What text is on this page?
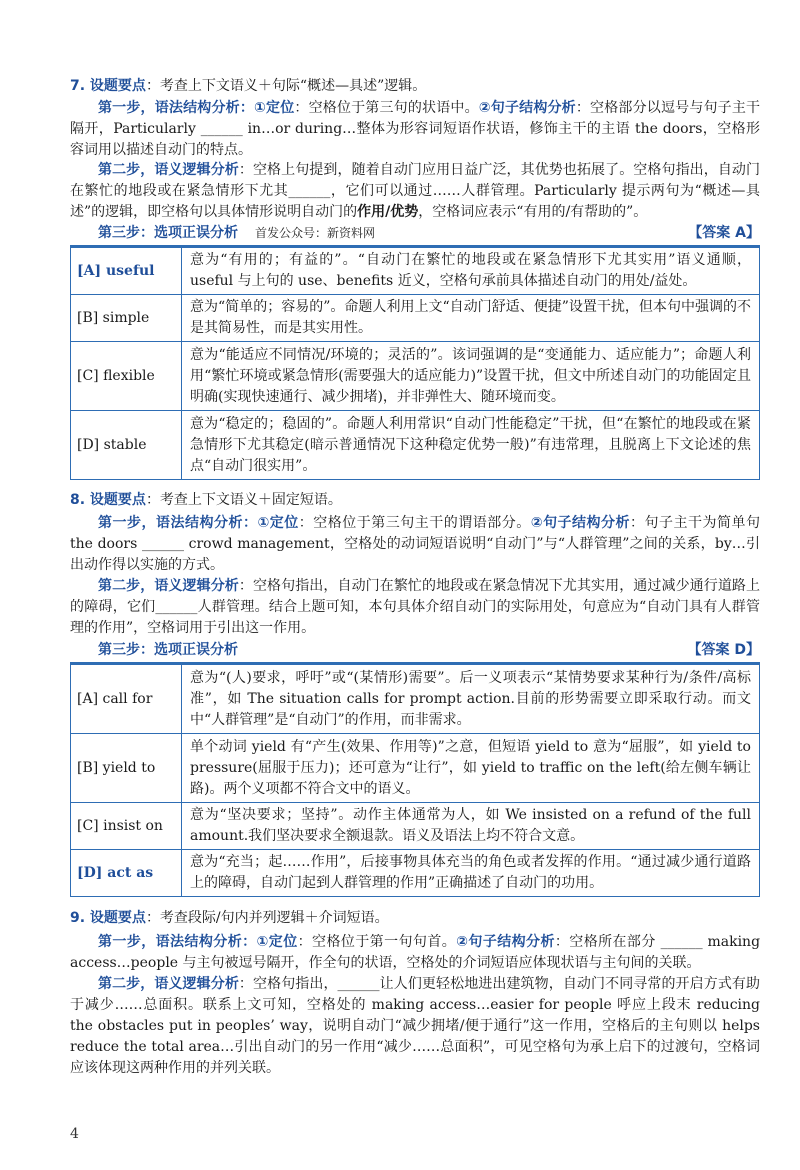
7. 设题要点：考查上下文语义＋句际“概述—具述”逻辑。

第一步，语法结构分析：①定位：空格位于第三句的状语中。②句子结构分析：空格部分以逗号与句子主干隔开，Particularly ______ in…or during…整体为形容词短语作状语，修饰主干的主语 the doors，空格形容词用以描述自动门的特点。

第二步，语义逻辑分析：空格上句提到，随着自动门应用日益广泛，其优势也拓展了。空格句指出，自动门在繁忙的地段或在紧急情形下尤其______，它们可以通过……人群管理。Particularly 提示两句为“概述—具述”的逻辑，即空格句以具体情形说明自动门的作用/优势，空格词应表示“有用的/有帮助的”。

第三步：选项正误分析 首发公众号：新资料网	【答案 A】
[A] useful	意为“有用的；有益的”。“自动门在繁忙的地段或在紧急情形下尤其实用”语义通顺，useful 与上句的 use、benefits 近义，空格句承前具体描述自动门的用处/益处。
[B] simple	意为“简单的；容易的”。命题人利用上文“自动门舒适、便捷”设置干扰，但本句中强调的不是其简易性，而是其实用性。
[C] flexible	意为“能适应不同情况/环境的；灵活的”。该词强调的是“变通能力、适应能力”；命题人利用“繁忙环境或紧急情形(需要强大的适应能力)”设置干扰，但文中所述自动门的功能固定且明确(实现快速通行、减少拥堵)，并非弹性大、随环境而变。
[D] stable	意为“稳定的；稳固的”。命题人利用常识“自动门性能稳定”干扰，但“在繁忙的地段或在紧急情形下尤其稳定(暗示普通情况下这种稳定优势一般)”有违常理，且脱离上下文论述的焦点“自动门很实用”。

8. 设题要点：考查上下文语义＋固定短语。

第一步，语法结构分析：①定位：空格位于第三句主干的谓语部分。②句子结构分析：句子主干为简单句 the doors ______ crowd management，空格处的动词短语说明“自动门”与“人群管理”之间的关系，by…引出动作得以实施的方式。

第二步，语义逻辑分析：空格句指出，自动门在繁忙的地段或在紧急情况下尤其实用，通过减少通行道路上的障碍，它们______人群管理。结合上题可知，本句具体介绍自动门的实际用处，句意应为“自动门具有人群管理的作用”，空格词用于引出这一作用。

第三步：选项正误分析	【答案 D】
[A] call for	意为“(人)要求，呼吁”或“(某情形)需要”。后一义项表示“某情势要求某种行为/条件/高标准”，如 The situation calls for prompt action.目前的形势需要立即采取行动。而文中“人群管理”是“自动门”的作用，而非需求。
[B] yield to	单个动词 yield 有“产生(效果、作用等)”之意，但短语 yield to 意为“屈服”，如 yield to pressure(屈服于压力)；还可意为“让行”，如 yield to traffic on the left(给左侧车辆让路)。两个义项都不符合文中的语义。
[C] insist on	意为“坚决要求；坚持”。动作主体通常为人，如 We insisted on a refund of the full amount.我们坚决要求全额退款。语义及语法上均不符合文意。
[D] act as	意为“充当；起……作用”，后接事物具体充当的角色或者发挥的作用。“通过减少通行道路上的障碍，自动门起到人群管理的作用”正确描述了自动门的功用。

9. 设题要点：考查段际/句内并列逻辑＋介词短语。

第一步，语法结构分析：①定位：空格位于第一句句首。②句子结构分析：空格所在部分 ______ making access…people 与主句被逗号隔开，作全句的状语，空格处的介词短语应体现状语与主句间的关联。

第二步，语义逻辑分析：空格句指出，______让人们更轻松地进出建筑物，自动门不同寻常的开启方式有助于减少……总面积。联系上文可知，空格处的 making access…easier for people 呼应上段末 reducing the obstacles put in peoples’ way，说明自动门“减少拥堵/便于通行”这一作用，空格后的主句则以 helps reduce the total area…引出自动门的另一作用“减少……总面积”，可见空格句为承上启下的过渡句，空格词应该体现这两种作用的并列关联。

4
